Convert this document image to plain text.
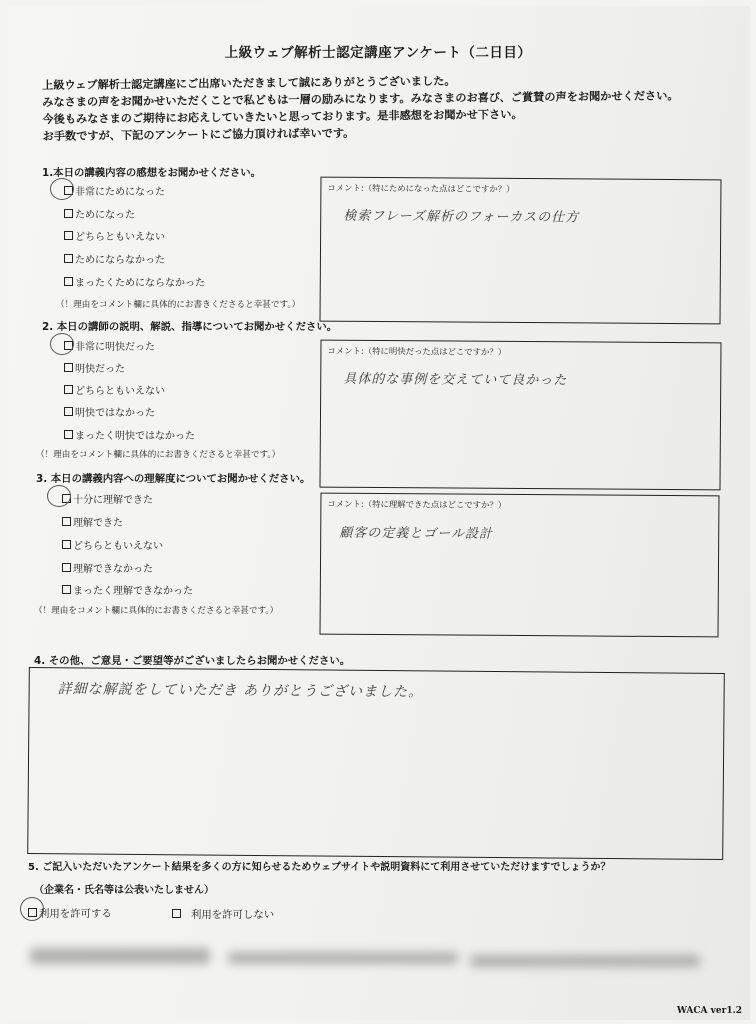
上級ウェブ解析士認定講座アンケート（二日目）
上級ウェブ解析士認定講座にご出席いただきまして誠にありがとうございました。
みなさまの声をお聞かせいただくことで私どもは一層の励みになります。みなさまのお喜び、ご賞賛の声をお聞かせください。
今後もみなさまのご期待にお応えしていきたいと思っております。是非感想をお聞かせ下さい。
お手数ですが、下記のアンケートにご協力頂ければ幸いです。
1.本日の講義内容の感想をお聞かせください。
非常にためになった
ためになった
どちらともいえない
ためにならなかった
まったくためにならなかった
（！理由をコメント欄に具体的にお書きくださると幸甚です。）
コメント:（特にためになった点はどこですか？）
検索フレーズ解析のフォーカスの仕方
2. 本日の講師の説明、解説、指導についてお聞かせください。
非常に明快だった
明快だった
どちらともいえない
明快ではなかった
まったく明快ではなかった
（！理由をコメント欄に具体的にお書きくださると幸甚です。）
コメント:（特に明快だった点はどこですか？）
具体的な事例を交えていて良かった
3. 本日の講義内容への理解度についてお聞かせください。
十分に理解できた
理解できた
どちらともいえない
理解できなかった
まったく理解できなかった
（！理由をコメント欄に具体的にお書きくださると幸甚です。）
コメント:（特に理解できた点はどこですか？）
顧客の定義とゴール設計
4. その他、ご意見・ご要望等がございましたらお聞かせください。
詳細な解説をしていただき ありがとうございました。
5. ご記入いただいたアンケート結果を多くの方に知らせるためウェブサイトや説明資料にて利用させていただけますでしょうか？
（企業名・氏名等は公表いたしません）
利用を許可する	利用を許可しない
WACA ver1.2
